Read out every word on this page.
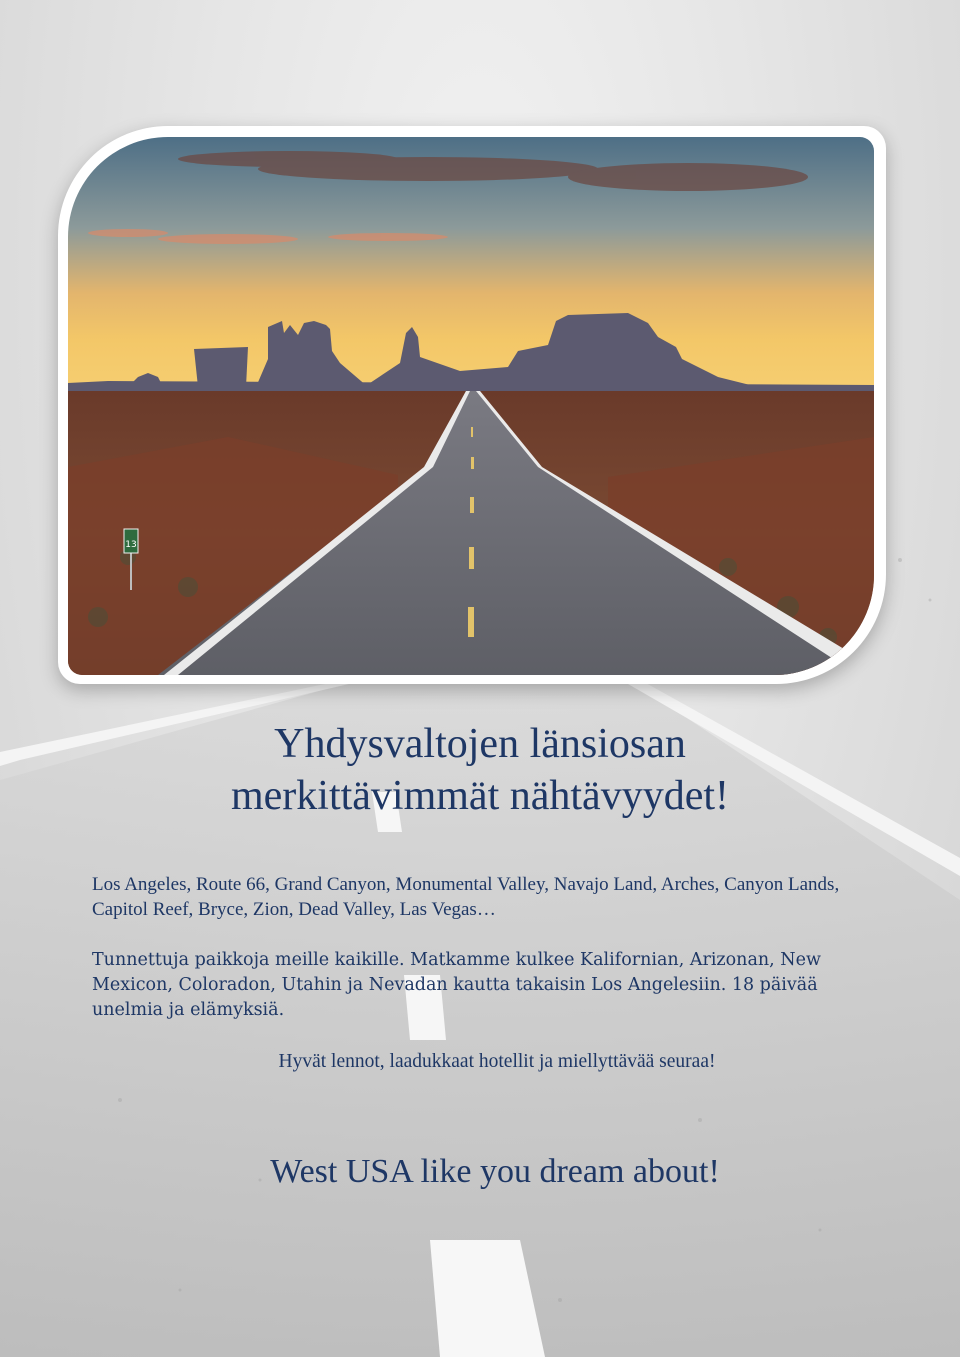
13
Yhdysvaltojen länsiosan
merkittävimmät nähtävyydet!

Los Angeles, Route 66, Grand Canyon, Monumental Valley, Navajo Land, Arches, Canyon Lands, Capitol Reef, Bryce, Zion, Dead Valley, Las Vegas…

Tunnettuja paikkoja meille kaikille. Matkamme kulkee Kalifornian, Arizonan, New Mexicon, Coloradon, Utahin ja Nevadan kautta takaisin Los Angelesiin. 18 päivää unelmia ja elämyksiä.

Hyvät lennot, laadukkaat hotellit ja miellyttävää seuraa!

West USA like you dream about!
